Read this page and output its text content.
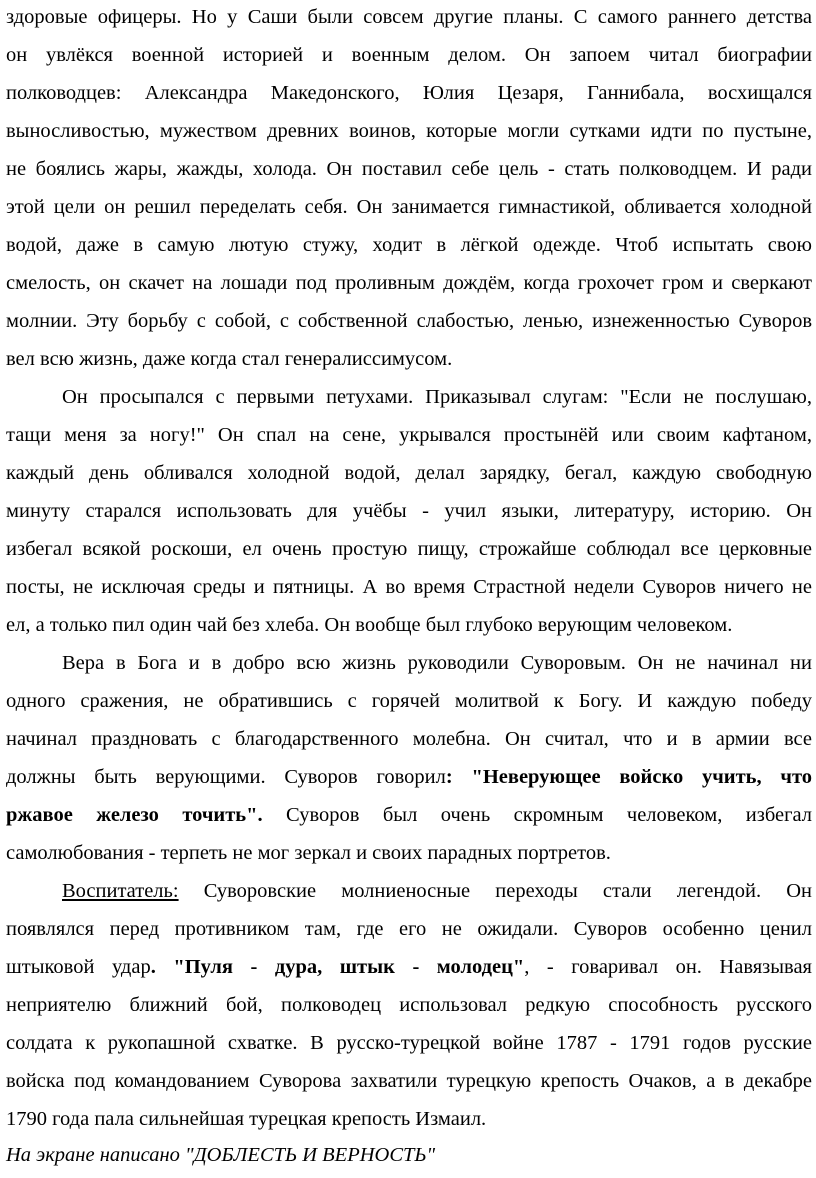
здоровые офицеры. Но у Саши были совсем другие планы. С самого раннего детства
он увлёкся военной историей и военным делом. Он запоем читал биографии
полководцев: Александра Македонского, Юлия Цезаря, Ганнибала, восхищался
выносливостью, мужеством древних воинов, которые могли сутками идти по пустыне,
не боялись жары, жажды, холода. Он поставил себе цель - стать полководцем. И ради
этой цели он решил переделать себя. Он занимается гимнастикой, обливается холодной
водой, даже в самую лютую стужу, ходит в лёгкой одежде. Чтоб испытать свою
смелость, он скачет на лошади под проливным дождём, когда грохочет гром и сверкают
молнии. Эту борьбу с собой, с собственной слабостью, ленью, изнеженностью Суворов
вел всю жизнь, даже когда стал генералиссимусом.
Он просыпался с первыми петухами. Приказывал слугам: "Если не послушаю,
тащи меня за ногу!" Он спал на сене, укрывался простынёй или своим кафтаном,
каждый день обливался холодной водой, делал зарядку, бегал, каждую свободную
минуту старался использовать для учёбы - учил языки, литературу, историю. Он
избегал всякой роскоши, ел очень простую пищу, строжайше соблюдал все церковные
посты, не исключая среды и пятницы. А во время Страстной недели Суворов ничего не
ел, а только пил один чай без хлеба. Он вообще был глубоко верующим человеком.
Вера в Бога и в добро всю жизнь руководили Суворовым. Он не начинал ни
одного сражения, не обратившись с горячей молитвой к Богу. И каждую победу
начинал праздновать с благодарственного молебна. Он считал, что и в армии все
должны быть верующими. Суворов говорил: "Неверующее войско учить, что
ржавое железо точить". Суворов был очень скромным человеком, избегал
самолюбования - терпеть не мог зеркал и своих парадных портретов.
Воспитатель: Суворовские молниеносные переходы стали легендой. Он
появлялся перед противником там, где его не ожидали. Суворов особенно ценил
штыковой удар. "Пуля - дура, штык - молодец", - говаривал он. Навязывая
неприятелю ближний бой, полководец использовал редкую способность русского
солдата к рукопашной схватке. В русско-турецкой войне 1787 - 1791 годов русские
войска под командованием Суворова захватили турецкую крепость Очаков, а в декабре
1790 года пала сильнейшая турецкая крепость Измаил.
На экране написано "ДОБЛЕСТЬ И ВЕРНОСТЬ"
